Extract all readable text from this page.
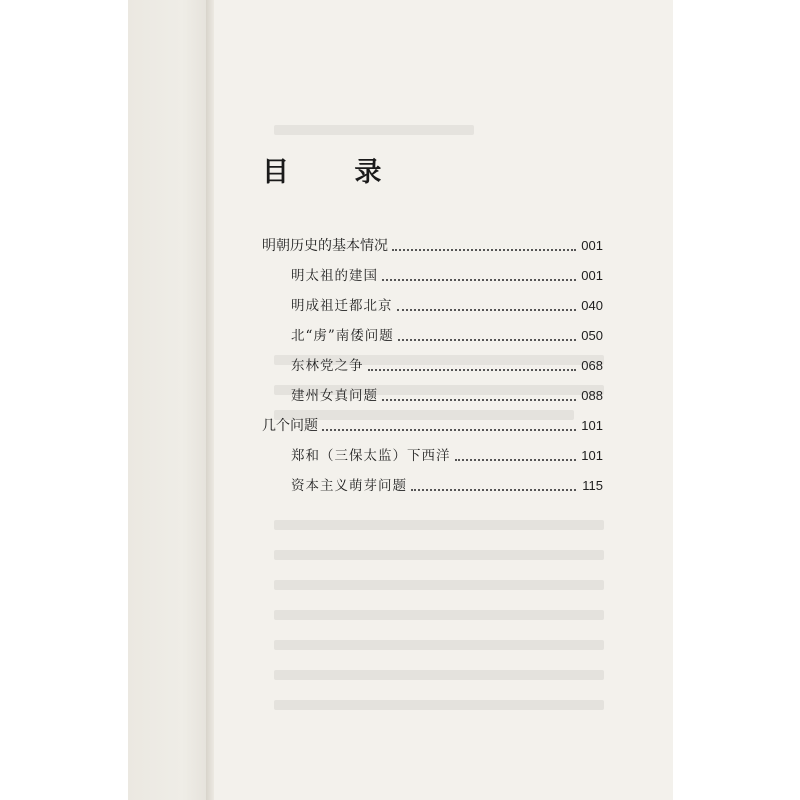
目 录
明朝历史的基本情况	001
明太祖的建国	001
明成祖迁都北京	040
北“虏”南倭问题	050
东林党之争	068
建州女真问题	088
几个问题	101
郑和（三保太监）下西洋	101
资本主义萌芽问题	115
